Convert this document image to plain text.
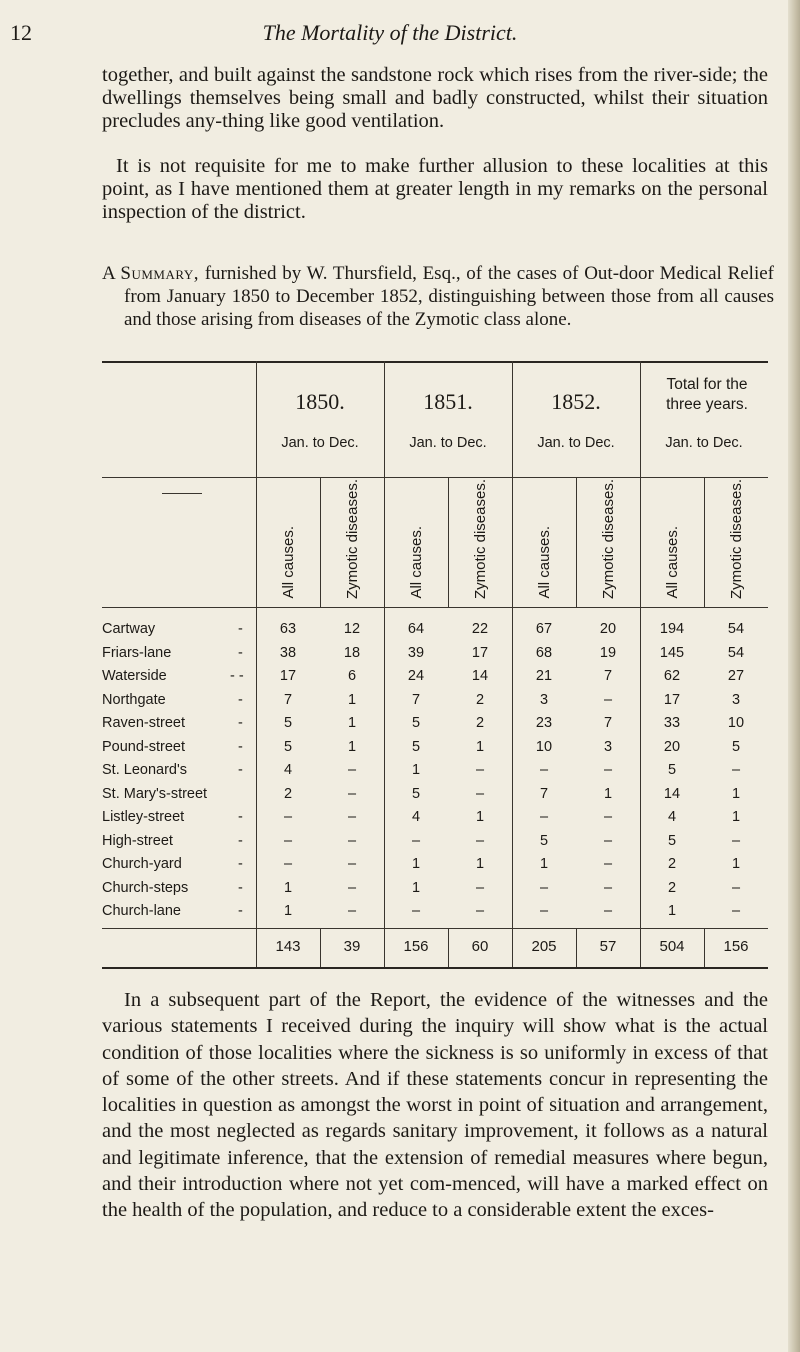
12	The Mortality of the District.

together, and built against the sandstone rock which rises from the river-side; the dwellings themselves being small and badly constructed, whilst their situation precludes any-thing like good ventilation.

It is not requisite for me to make further allusion to these localities at this point, as I have mentioned them at greater length in my remarks on the personal inspection of the district.

A Summary, furnished by W. Thursfield, Esq., of the cases of Out-door Medical Relief from January 1850 to December 1852, distinguishing between those from all causes and those arising from diseases of the Zymotic class alone.

1850.
Jan. to Dec.
1851.
Jan. to Dec.
1852.
Jan. to Dec.
Total for the three years.
Jan. to Dec.
All causes.	Zymotic diseases.	All causes.	Zymotic diseases.	All causes.	Zymotic diseases.	All causes.	Zymotic diseases.
Cartway	-	63	12	64	22	67	20	194	54
Friars-lane	-	38	18	39	17	68	19	145	54
Waterside	- -	17	6	24	14	21	7	62	27
Northgate	-	7	1	7	2	3	–	17	3
Raven-street	-	5	1	5	2	23	7	33	10
Pound-street	-	5	1	5	1	10	3	20	5
St. Leonard's	-	4	–	1	–	–	–	5	–
St. Mary's-street	2	–	5	–	7	1	14	1
Listley-street	-	–	–	4	1	–	–	4	1
High-street	-	–	–	–	–	5	–	5	–
Church-yard	-	–	–	1	1	1	–	2	1
Church-steps	-	1	–	1	–	–	–	2	–
Church-lane	-	1	–	–	–	–	–	1	–
143	39	156	60	205	57	504	156

In a subsequent part of the Report, the evidence of the witnesses and the various statements I received during the inquiry will show what is the actual condition of those localities where the sickness is so uniformly in excess of that of some of the other streets. And if these statements concur in representing the localities in question as amongst the worst in point of situation and arrangement, and the most neglected as regards sanitary improvement, it follows as a natural and legitimate inference, that the extension of remedial measures where begun, and their introduction where not yet com-menced, will have a marked effect on the health of the population, and reduce to a considerable extent the exces-
